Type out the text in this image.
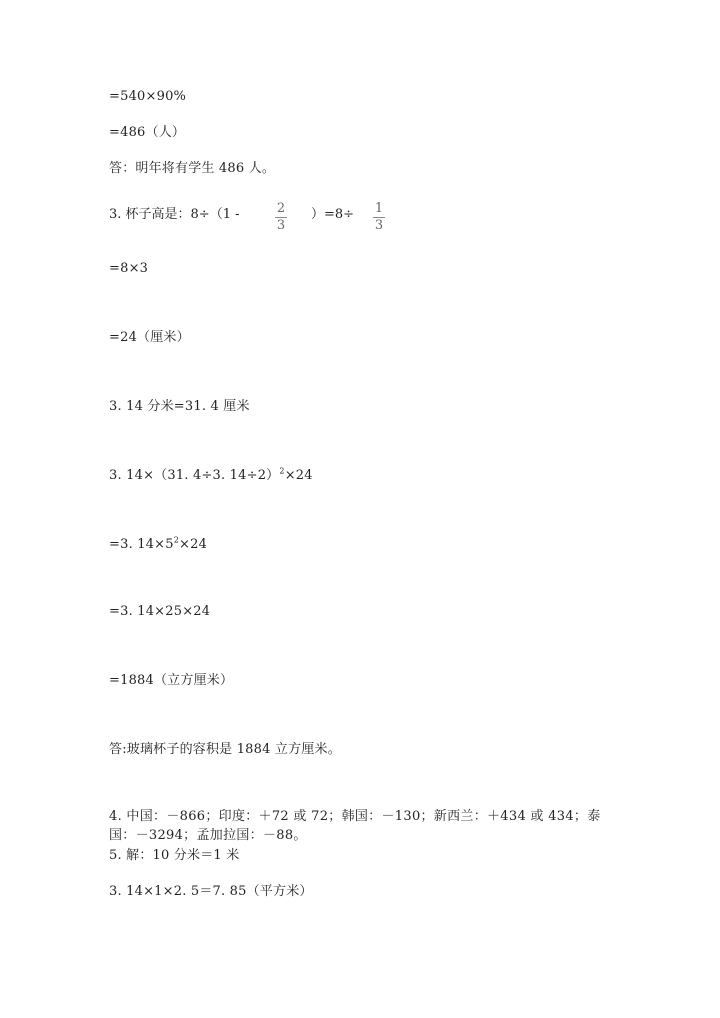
=540×90%
=486（人）
答：明年将有学生 486 人。
3. 杯子高是：8÷（1 -	2
3
）=8÷ 1
3
=8×3
=24（厘米）
3. 14 分米=31. 4 厘米
3. 14×（31. 4÷3. 14÷2）$^2$×24
=3. $14\times 5^2\times 24$
=3. 14×25×24
=1884（立方厘米）
答:玻璃杯子的容积是 1884 立方厘米。
4. 中国：－866；印度：＋72 或 72；韩国：－130；新西兰：＋434 或 434；泰国：－3294；孟加拉国：－88。
5. 解：10 分米＝1 米
3. 14×1×2. 5＝7. 85（平方米）
